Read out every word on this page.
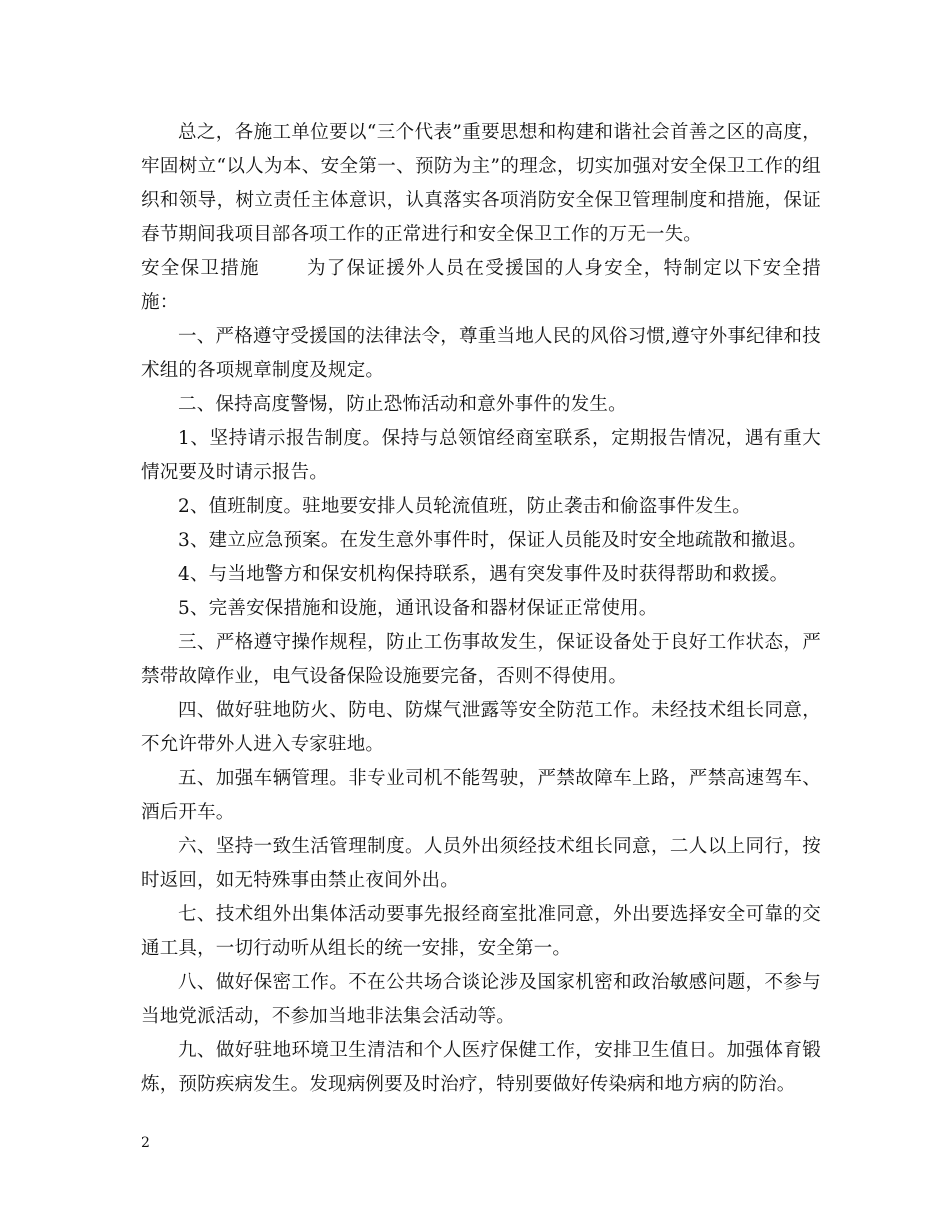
总之，各施工单位要以“三个代表”重要思想和构建和谐社会首善之区的高度，牢固树立“以人为本、安全第一、预防为主”的理念，切实加强对安全保卫工作的组织和领导，树立责任主体意识，认真落实各项消防安全保卫管理制度和措施，保证春节期间我项目部各项工作的正常进行和安全保卫工作的万无一失。

安全保卫措施 为了保证援外人员在受援国的人身安全，特制定以下安全措施：

一、严格遵守受援国的法律法令，尊重当地人民的风俗习惯,遵守外事纪律和技术组的各项规章制度及规定。

二、保持高度警惕，防止恐怖活动和意外事件的发生。

1、坚持请示报告制度。保持与总领馆经商室联系，定期报告情况，遇有重大情况要及时请示报告。

2、值班制度。驻地要安排人员轮流值班，防止袭击和偷盗事件发生。

3、建立应急预案。在发生意外事件时，保证人员能及时安全地疏散和撤退。

4、与当地警方和保安机构保持联系，遇有突发事件及时获得帮助和救援。

5、完善安保措施和设施，通讯设备和器材保证正常使用。

三、严格遵守操作规程，防止工伤事故发生，保证设备处于良好工作状态，严禁带故障作业，电气设备保险设施要完备，否则不得使用。

四、做好驻地防火、防电、防煤气泄露等安全防范工作。未经技术组长同意，不允许带外人进入专家驻地。

五、加强车辆管理。非专业司机不能驾驶，严禁故障车上路，严禁高速驾车、酒后开车。

六、坚持一致生活管理制度。人员外出须经技术组长同意，二人以上同行，按时返回，如无特殊事由禁止夜间外出。

七、技术组外出集体活动要事先报经商室批准同意，外出要选择安全可靠的交通工具，一切行动听从组长的统一安排，安全第一。

八、做好保密工作。不在公共场合谈论涉及国家机密和政治敏感问题，不参与当地党派活动，不参加当地非法集会活动等。

九、做好驻地环境卫生清洁和个人医疗保健工作，安排卫生值日。加强体育锻炼，预防疾病发生。发现病例要及时治疗，特别要做好传染病和地方病的防治。

2
